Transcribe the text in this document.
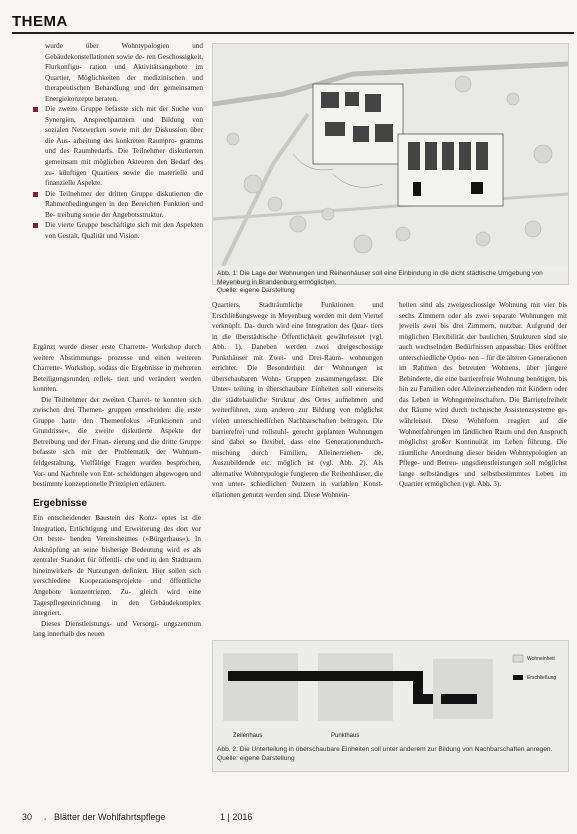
THEMA
wurde über Wohntypologien und Gebäudekonstellationen sowie de- ren Geschossigkeit, Flurkonfigu- ration und Aktivitätsangebote im Quartier, Möglichkeiten der medizinischen und therapeutischen Behandlung und der gemeinsamen Energiekonzepte beraten.
Die zweite Gruppe befasste sich mit der Suche von Synergien, Ansprechpartnern und Bildung von sozialen Netzwerken sowie mit der Diskussion über die Aus- arbeitung des konkreten Raumpro- gramms und des Raumbedarfs. Die Teilnehmer diskutierten gemeinsam mit möglichen Akteuren den Bedarf des zu- künftigen Quartiers sowie die materielle und finanzielle Aspekte.
Die Teilnehmer der dritten Gruppe diskutierten die Rahmenbedingungen in den Bereichen Funktion und Be- treibung sowie der Angebotsstruktur.
Die vierte Gruppe beschäftigte sich mit den Aspekten von Gestalt, Qualität und Vision.

Ergänzt wurde dieser erste Charrette- Workshop durch weitere Abstimmungs- prozesse und einen weiteren Charrette- Workshop, sodass die Ergebnisse in mehreren Beteiligungsrunden reflek- tiert und verändert werden konnten.

Die Teilnehmer der zweiten Charret- te konnten sich zwischen drei Themen- gruppen entscheiden: die erste Gruppe hatte den Themenfokus »Funktionen und Grundrisse«, die zweite diskutierte Aspekte der Betreibung und der Finan- zierung und die dritte Gruppe befasste sich mit der Problematik der Wohnum- feldgestaltung. Vielfältige Fragen wurden besprochen, Vor- und Nachteile von Ent- scheidungen abgewogen und bestimmte konzeptionelle Prinzipien erläutert.

Ergebnisse

Ein entscheidender Baustein des Konz- eptes ist die Integration, Ertüchtigung und Erweiterung des dort vor Ort beste- henden Vereinsheimes (»Bürgerhaus«). In Anknüpfung an seine bisherige Bedeutung wird es als zentraler Standort für öffentli- che und in den Stadtraum hineinwirken- de Nutzungen definiert. Hier sollen sich verschiedene Kooperationsprojekte und öffentliche Angebote konzentrieren. Zu- gleich wird eine Tagespflegeeinrichtung in den Gebäudekomplex integriert.

Dieses Dienstleistungs- und Versorgi- ungszentrum lang innerhalb des neuen

Quartiers. Stadträumliche Funktionen	und Erschließungswege in Meyenburg werden mit dem Viertel verknüpft. Da- durch wird eine Integration des Quar- tiers in die überstädtische Öffentlichkeit gewährleistet (vgl. Abb. 1). Daneben werden zwei dreigeschossige Punkthäuser mit Zwei- und Drei-Raum- wohnungen errichtet. Die Besonderheit der Wohnungen ist überschaubaren Wohn- Gruppen zusammengefasst. Die Unter- teilung in überschaubare Einheiten soll einerseits die städtebauliche Struktur des Ortes aufnehmen und weiterführen, zum anderen zur Bildung von möglichst vielen unterschiedlichen Nachbarschaften beitragen. Die barrierefrei und rollstuhl- gerecht geplanten Wohnungen sind dabei so flexibel, dass eine Generationendurch- mischung durch Familien, Alleinerziehen- de, Auszubildende etc. möglich ist (vgl. Abb. 2). Als alternative Wohntypologie fungieren die Reihenhäuser, die von unter- schiedlichen Nutzern in variablen Konst- ellationen genutzt werden sind. Diese Wohnein-

heiten sind als zweigeschossige Wohnung mit vier bis sechs Zimmern oder als zwei separate Wohnungen mit jeweils zwei bis drei Zimmern, nutzbar. Aufgrund der möglichen Flexibilität der baulichen Strukturen sind sie auch wechselnden Bedürfnissen anpassbar. Dies eröffnet unterschiedliche Optio- nen – für die älteren Generationen im Rahmen des betreuten Wohnens, über jüngere Behinderte, die eine barrierefreie Wohnung benötigen, bis hin zu Familien oder Alleinerziehenden mit Kindern oder das Leben in Wohngemeinschaften. Die Barrierefreiheit der Räume wird durch technische Assistenzsysteme ge- währleistet. Diese Wohnform reagiert auf die Wohnerfahrungen im ländlichen Raum und den Anspruch möglichst großer Kontinuität im Leben führung. Die räumliche Anordnung dieser beiden Wohntypologien an Pflege- und Betreu- ungsdienstleistungen soll möglichst lange selbständiges und selbstbestimmtes Leben im Quartier ermöglichen (vgl. Abb. 3).

Abb. 1: Die Lage der Wohnungen und Reihenhäuser soll eine Einbindung in die dicht städtische Umgebung von Meyenburg in Brandenburg ermöglichen.
Quelle: eigene Darstellung
Zeilenhaus	Punkthaus
Wohneinheit
Erschließung
Abb. 2: Die Unterteilung in überschaubare Einheiten soll unter anderem zur Bildung von Nachbarschaften anregen.
Quelle: eigene Darstellung
30 ⸱ Blätter der Wohlfahrtspflege	1 | 2016
